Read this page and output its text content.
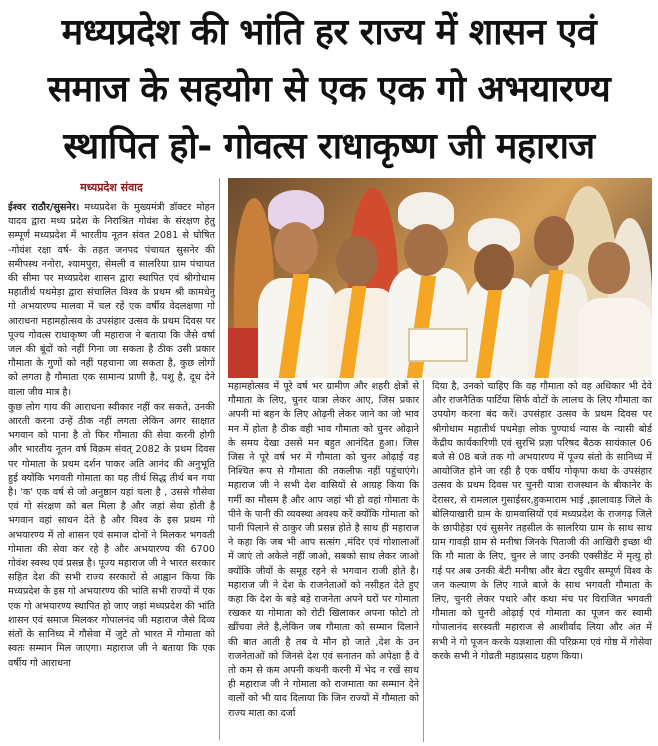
मध्यप्रदेश की भांति हर राज्य में शासन एवं
समाज के सहयोग से एक एक गो अभयारण्य
स्थापित हो- गोवत्स राधाकृष्ण जी महाराज
मध्यप्रदेश संवाद

ईश्वर राठौर/सुसनेर। मध्यप्रदेश के मुख्यमंत्री डॉक्टर मोहन यादव द्वारा मध्य प्रदेश के निराश्रित गोवंश के संरक्षण हेतु सम्पूर्ण मध्यप्रदेश में भारतीय नूतन संवत 2081 से घोषित -गोवंश रक्षा वर्ष- के तहत जनपद पंचायत सुसनेर की समीपस्थ ननोरा, श्यामपुरा, सेमली व सालरिया ग्राम पंचायत की सीमा पर मध्यप्रदेश शासन द्वारा स्थापित एवं श्रीगोधाम महातीर्थ पथमेड़ा द्वारा संचालित विश्व के प्रथम श्री कामधेनु गो अभयारण्य मालवा में चल रहें एक वर्षीय वेदलक्षणा गो आराधना महामहोत्सव के उपसंहार उत्सव के प्रथम दिवस पर पूज्य गोवत्स राधाकृष्ण जी महाराज ने बताया कि जैसे वर्षा जल की बूंदों को नहीं गिना जा सकता है ठीक उसी प्रकार गौमाता के गुणों को नहीं पहचाना जा सकता है, कुछ लोगों को लगता है गौमाता एक सामान्य प्राणी है, पशु है, दूध देने वाला जीव मात्र है।

कुछ लोग गाय की आराधना स्वीकार नहीं कर सकते, उनकी आरती करना उन्हें ठीक नहीं लगता लेकिन अगर साक्षात भगवान को पाना है तो फिर गौमाता की सेवा करनी होगी और भारतीय नूतन वर्ष विक्रम संवत् 2082 के प्रथम दिवस पर गोमाता के प्रथम दर्शन पाकर अति आनंद की अनुभूति हुई क्योंकि भगवती गोमाता का यह तीर्थ सिद्ध तीर्थ बन गया है। 'क' एक वर्ष से जो अनुष्ठान यहां चला है , उससे गौसेवा एवं गो संरक्षण को बल मिला है और जहां सेवा होती है भगवान वहां साधन देते है और विश्व के इस प्रथम गो अभयारण्य में तो शासन एवं समाज दोनों ने मिलकर भगवती गोमाता की सेवा कर रहे है और अभयारण्य की 6700 गोवंश स्वस्थ एवं प्रसन्न है। पूज्य महाराज जी ने भारत सरकार सहित देश की सभी राज्य सरकारों से आह्वान किया कि मध्यप्रदेश के इस गो अभयारण्य की भांति सभी राज्यों में एक एक गो अभयारण्य स्थापित हो जाए जहां मध्यप्रदेश की भांति शासन एवं समाज मिलकर गोपालनंद जी महाराज जैसे दिव्य संतों के सानिध्य में गौसेवा में जुटे तो भारत में गोमाता को स्वतः सम्मान मिल जाएगा। महाराज जी ने बताया कि एक वर्षीय गो आराधना

महामहोत्सव में पूरे वर्ष भर ग्रामीण और शहरी क्षेत्रों से गौमाता के लिए, चुनर यात्रा लेकर आए, जिस प्रकार अपनी मां बहन के लिए ओढ़नी लेकर जाने का जो भाव मन में होता है ठीक वही भाव गौमाता को चुनर ओढ़ाने के समय देखा उससे मन बहुत आनंदित हुआ। जिस जिस ने पूरे वर्ष भर में गौमाता को चुनर ओढ़ाई वह निश्चित रूप से गौमाता की तकलीफ नहीं पहुंचाएंगे। महाराज जी ने सभी देश वासियों से आग्रह किया कि गर्मी का मौसम है और आप जहां भी हो वहां गोमाता के पीने के पानी की व्यवस्था अवश्य करें क्योंकि गोमाता को पानी पिलाने से ठाकुर जी प्रसन्न होते है साथ ही महाराज ने कहा कि जब भी आप सत्संग ,मंदिर एवं गोशालाओं में जाएं तो अकेले नहीं जाओ, सबको साथ लेकर जाओ क्योंकि जीवों के समूह रहने से भगवान राजी होते है। महाराज जी ने देश के राजनेताओं को नसीहत देते हुए कहा कि देश के बड़े बड़े राजनेता अपने घरों पर गोमाता रखकर या गोमाता को रोटी खिलाकर अपना फोटो तो खींचवा लेते है,लेकिन जब गौमाता को सम्मान दिलाने की बात आती है तब वे मौन हो जाते ,देश के उन राजनेताओं को जिनसे देश एवं सनातन को अपेक्षा है वे तो कम से कम अपनी कथनी करनी में भेद न रखें साथ ही महाराज जी ने गोमाता को राजमाता का सम्मान देने वालों को भी याद दिलाया कि जिन राज्यों में गौमाता को राज्य माता का दर्जा
दिया है, उनको चाहिए कि वह गौमाता को वह अधिकार भी देवे और राजनैतिक पार्टिया सिर्फ वोटों के लालच के लिए गौमाता का उपयोग करना बंद करें। उपसंहार उत्सव के प्रथम दिवस पर श्रीगोधाम महातीर्थ पथमेड़ा लोक पुण्यार्थ न्यास के न्यासी बोर्ड केंद्रीय कार्यकारिणी एवं सुरभि प्रज्ञा परिषद बैठक सायंकाल 06 बजे से 08 बजे तक गो अभयारण्य में पूज्य संतो के सानिध्य में आयोजित होने जा रही है एक वर्षीय गोकृपा कथा के उपसंहार उत्सव के प्रथम दिवस पर चुनरी यात्रा राजस्थान के बीकानेर के देरासर, से रामलाल गुसाईसर,हुकमाराम भाई ,झालावाड़ जिले के बोलियाखारी ग्राम के ग्रामवासियों एवं मध्यप्रदेश के राजगढ़ जिले के छापीहेड़ा एवं सुसनेर तहसील के सालरिया ग्राम के साथ साथ ग्राम गावड़ी ग्राम से मनीषा जिनके पिताजी की आखिरी इच्छा थी कि गौ माता के लिए, चुनर ले जाए उनकी एक्सीडेंट में मृत्यु हो गई पर अब उनकी बेटी मनीषा और बेटा रघुवीर सम्पूर्ण विश्व के जन कल्याण के लिए गाजे बाजे के साथ भगवती गौमाता के लिए, चुनरी लेकर पधारे और कथा मंच पर विराजित भगवती गौमाता को चुनरी ओढ़ाई एवं गोमाता का पूजन कर स्वामी गोपालानंद सरस्वती महाराज से आशीर्वाद लिया और अंत में सभी ने गो पूजन करके यज्ञशाला की परिक्रमा एवं गोष्ठ में गोसेवा करके सभी ने गोव्रती महाप्रसाद ग्रहण किया।
